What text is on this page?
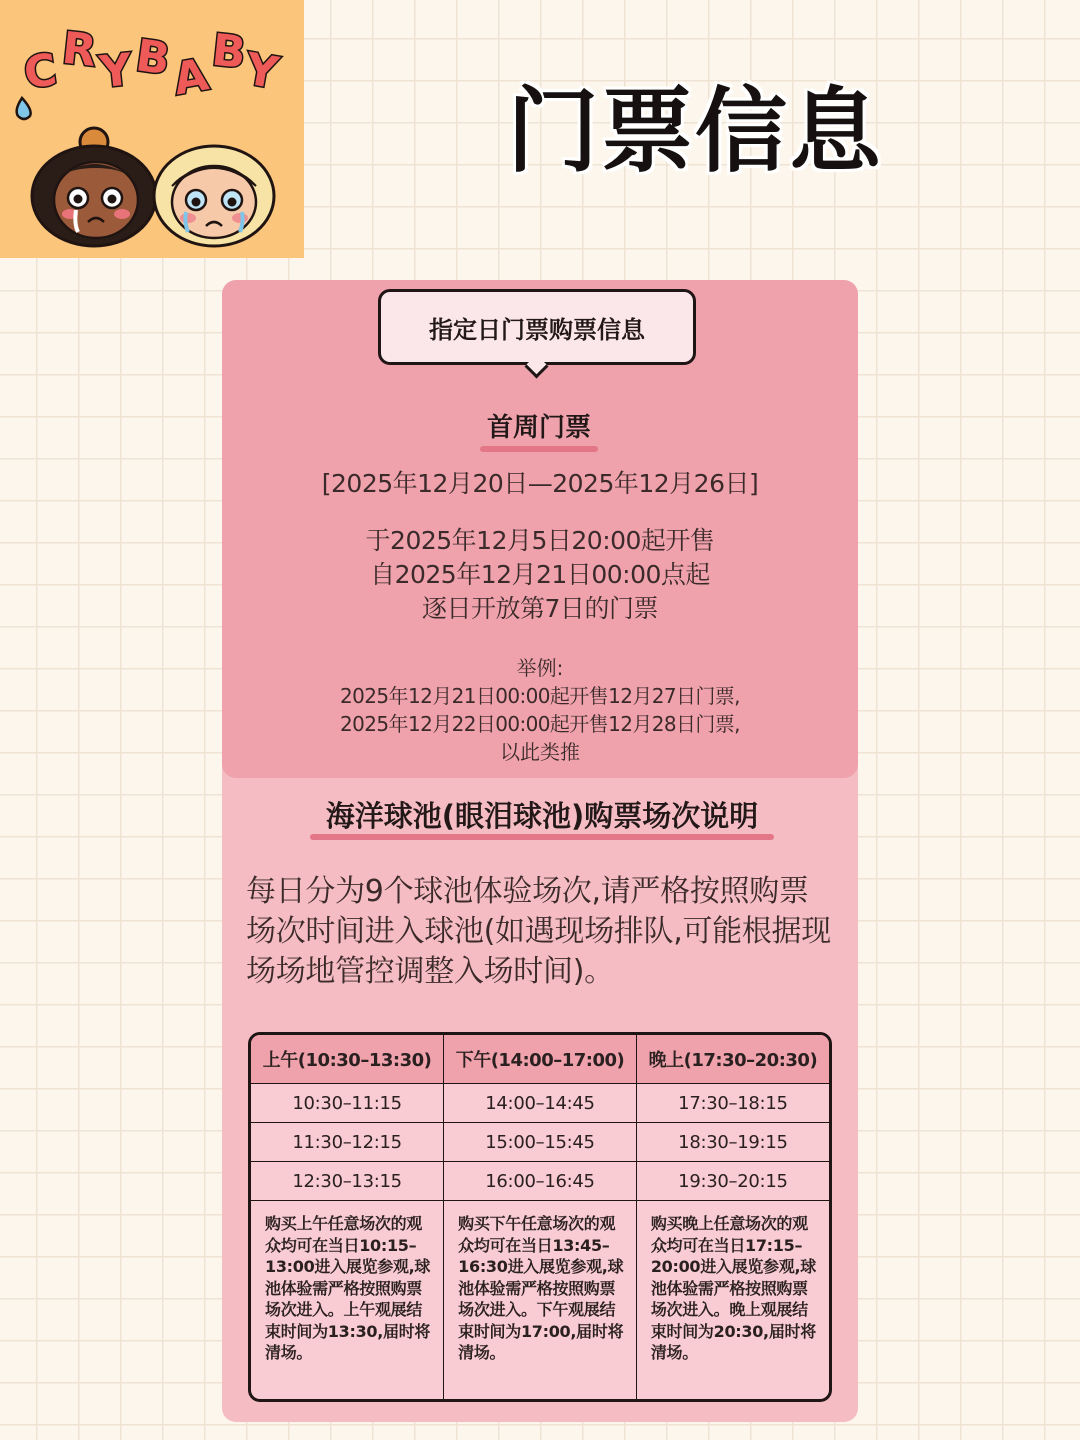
C R
Y
B
A
B
Y
门票信息
指定日门票购票信息
首周门票
[2025年12月20日—2025年12月26日]
于2025年12月5日20:00起开售
自2025年12月21日00:00点起
逐日开放第7日的门票
举例:
2025年12月21日00:00起开售12月27日门票,
2025年12月22日00:00起开售12月28日门票,
以此类推
海洋球池(眼泪球池)购票场次说明
每日分为9个球池体验场次,请严格按照购票场次时间进入球池(如遇现场排队,可能根据现场场地管控调整入场时间)。
上午(10:30–13:30)	下午(14:00–17:00)	晚上(17:30–20:30)
10:30–11:15	14:00–14:45	17:30–18:15
11:30–12:15	15:00–15:45	18:30–19:15
12:30–13:15	16:00–16:45	19:30–20:15
购买上午任意场次的观众均可在当日10:15–13:00进入展览参观,球池体验需严格按照购票场次进入。上午观展结束时间为13:30,届时将清场。	购买下午任意场次的观众均可在当日13:45–16:30进入展览参观,球池体验需严格按照购票场次进入。下午观展结束时间为17:00,届时将清场。	购买晚上任意场次的观众均可在当日17:15–20:00进入展览参观,球池体验需严格按照购票场次进入。晚上观展结束时间为20:30,届时将清场。
